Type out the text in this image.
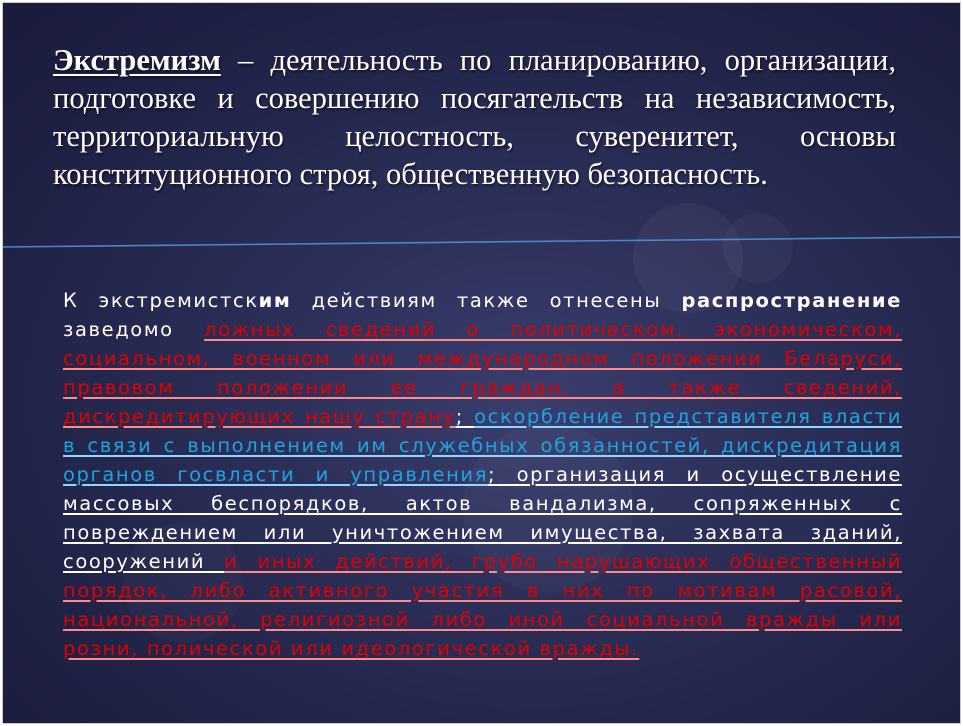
Экстремизм – деятельность по планированию, организации, подготовке и совершению посягательств на независимость, территориальную целостность, суверенитет, основы конституционного строя, общественную безопасность.
К экстремистским действиям также отнесены распространение заведомо ложных сведений о политическом, экономическом, социальном, военном или международном положении Беларуси, правовом положении ее граждан, а также сведений, дискредитирующих нашу страну; оскорбление представителя власти в связи с выполнением им служебных обязанностей, дискредитация органов госвласти и управления; организация и осуществление массовых беспорядков, актов вандализма, сопряженных с повреждением или уничтожением имущества, захвата зданий, сооружений и иных действий, грубо нарушающих общественный порядок, либо активного участия в них по мотивам расовой, национальной, религиозной либо иной социальной вражды или розни, полической или идеологической вражды.
